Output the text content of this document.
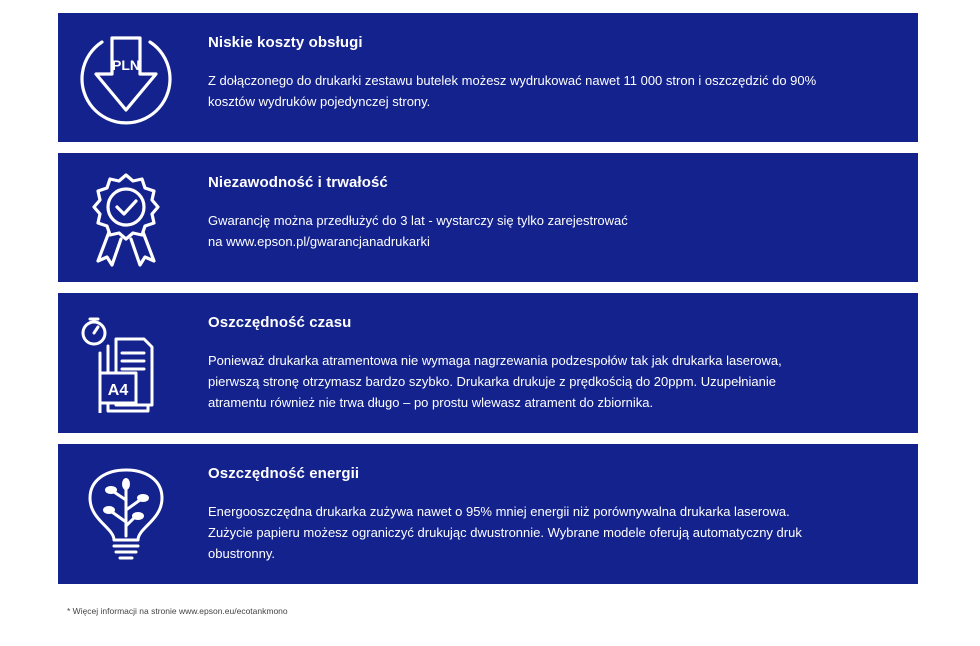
PLN
Niskie koszty obsługi
Z dołączonego do drukarki zestawu butelek możesz wydrukować nawet 11 000 stron i oszczędzić do 90%
kosztów wydruków pojedynczej strony.
Niezawodność i trwałość
Gwarancję można przedłużyć do 3 lat - wystarczy się tylko zarejestrować
na www.epson.pl/gwarancjanadrukarki
A4
Oszczędność czasu
Ponieważ drukarka atramentowa nie wymaga nagrzewania podzespołów tak jak drukarka laserowa,
pierwszą stronę otrzymasz bardzo szybko. Drukarka drukuje z prędkością do 20ppm. Uzupełnianie
atramentu również nie trwa długo – po prostu wlewasz atrament do zbiornika.
Oszczędność energii
Energooszczędna drukarka zużywa nawet o 95% mniej energii niż porównywalna drukarka laserowa.
Zużycie papieru możesz ograniczyć drukując dwustronnie. Wybrane modele oferują automatyczny druk
obustronny.
* Więcej informacji na stronie www.epson.eu/ecotankmono
